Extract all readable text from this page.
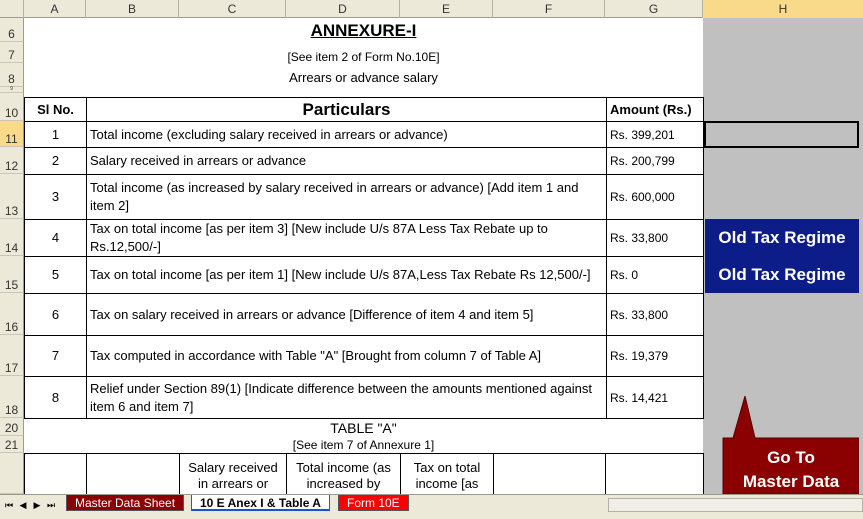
A	B	C	D	E	F	G	H
6
7
8
9
10
11
12
13
14
15
16
17
18
20
21
ANNEXURE-I
[See item 2 of Form No.10E]
Arrears or advance salary
Sl No.	Particulars	Amount (Rs.)
1	Total income (excluding salary received in arrears or advance)	Rs. 399,201
2	Salary received in arrears or advance	Rs. 200,799
3	Total income (as increased by salary received in arrears or advance) [Add item 1 and item 2]	Rs. 600,000
4	Tax on total income [as per item 3] [New include U/s 87A Less Tax Rebate up to Rs.12,500/-]	Rs. 33,800
5	Tax on total income [as per item 1] [New include U/s 87A,Less Tax Rebate Rs 12,500/-]	Rs. 0
6	Tax on salary received in arrears or advance [Difference of item 4 and item 5]	Rs. 33,800
7	Tax computed in accordance with Table "A" [Brought from column 7 of Table A]	Rs. 19,379
8	Relief under Section 89(1) [Indicate difference between the amounts mentioned against item 6 and item 7]	Rs. 14,421
Old Tax Regime
Old Tax Regime
TABLE "A"
[See item 7 of Annexure 1]
		Salary received in arrears or	Total income (as increased by	Tax on total income [as		
Go To
Master Data
⏮ ◀ ▶ ⏭	Master Data Sheet	10 E Anex I & Table A	Form 10E
